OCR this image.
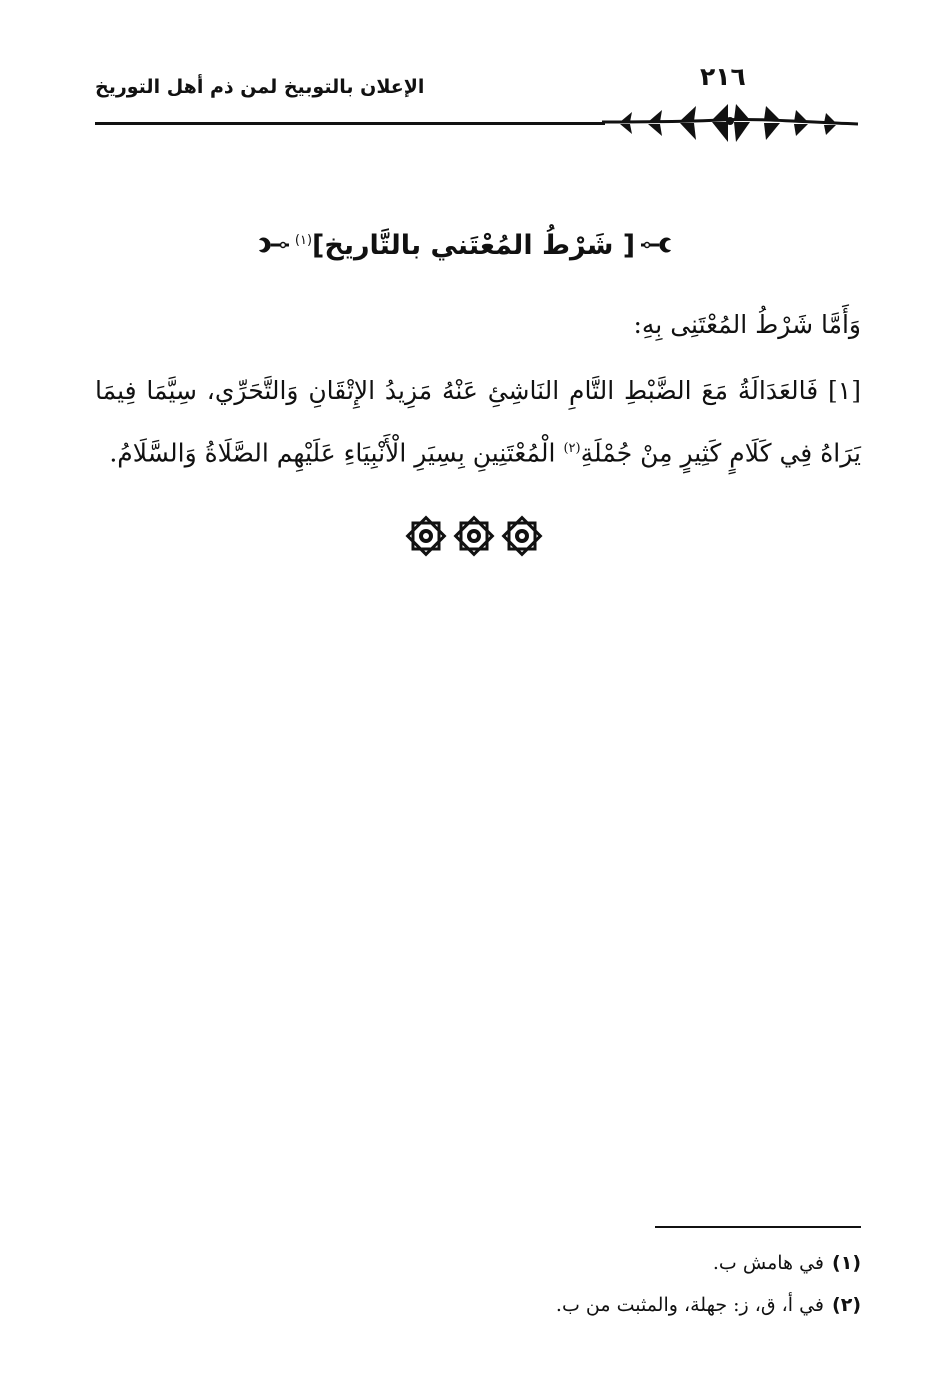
الإعلان بالتوبيخ لمن ذم أهل التوريخ	٢١٦
[ شَرْطُ المُعْتَني بالتَّاريخ]$^{(١)}$
وَأَمَّا شَرْطُ المُعْتَنِى بِهِ:
[١] فَالعَدَالَةُ مَعَ الضَّبْطِ التَّامِ النَاشِئِ عَنْهُ مَزِيدُ الإِتْقَانِ وَالتَّحَرِّي، سِيَّمَا فِيمَا يَرَاهُ فِي كَلَامٍ كَثِيرٍ مِنْ جُمْلَةِ$^{(٢)}$ الْمُعْتَنِينِ بِسِيَرِ الْأَنْبِيَاءِ عَلَيْهِم الصَّلَاةُ وَالسَّلَامُ.
(١)في هامش ب.
(٢)في أ، ق، ز: جهلة، والمثبت من ب.
